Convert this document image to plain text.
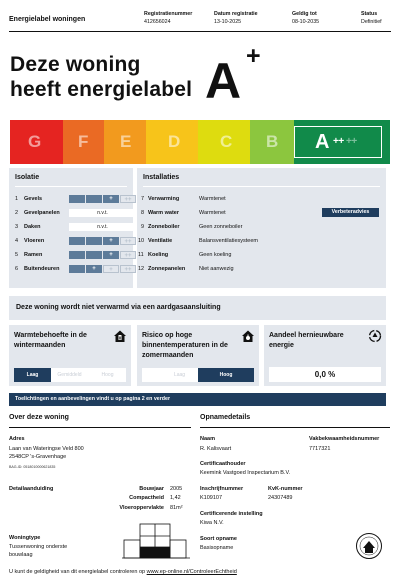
Energielabel woningen
Registratienummer
412656024
Datum registratie
13-10-2025
Geldig tot
08-10-2035
Status
Definitief
Deze woning
heeft energielabel A +
G F E D C B A ++ ++
Isolatie
1 Gevels	+	++
2 Gevelpanelen	n.v.t.
3 Daken	n.v.t.
4 Vloeren	+	++
5 Ramen	+	++
6 Buitendeuren	+	+	++
Installaties
7 Verwarming	Warmtenet
8 Warm water	Warmtenet	Verbeteradvies
9 Zonneboiler	Geen zonneboiler
10 Ventilatie	Balansventilatiesysteem
11 Koeling	Geen koeling
12 Zonnepanelen Niet aanwezig
Deze woning wordt niet verwarmd via een aardgasaansluiting
Warmtebehoefte in de wintermaanden
Laag	Gemiddeld	Hoog
Risico op hoge binnentemperaturen in de zomermaanden
Laag	Hoog
Aandeel hernieuwbare energie
0,0 %
Toelichtingen en aanbevelingen vindt u op pagina 2 en verder
Over deze woning
Adres
Laan van Wateringse Veld 800
2548CP 's-Gravenhage
BAG-ID: 0518010000621835
Detailaanduiding	Bouwjaar 2005
Compactheid 1,42
Vloeroppervlakte 81m²
Woningtype
Tussenwoning onderste
bouwlaag
Opnamedetails
Naam
R. Kalisvaart
Vakbekwaamheidsnummer
7717321
Certificaathouder
Keemink Vastgoed Inspectarium B.V.
Inschrijfnummer
K109107
KvK-nummer
24307489
Certificerende instelling
Kiwa N.V.
Soort opname
Basisopname
U kunt de geldigheid van dit energielabel controleren op www.ep-online.nl/ControleerEchtheid
